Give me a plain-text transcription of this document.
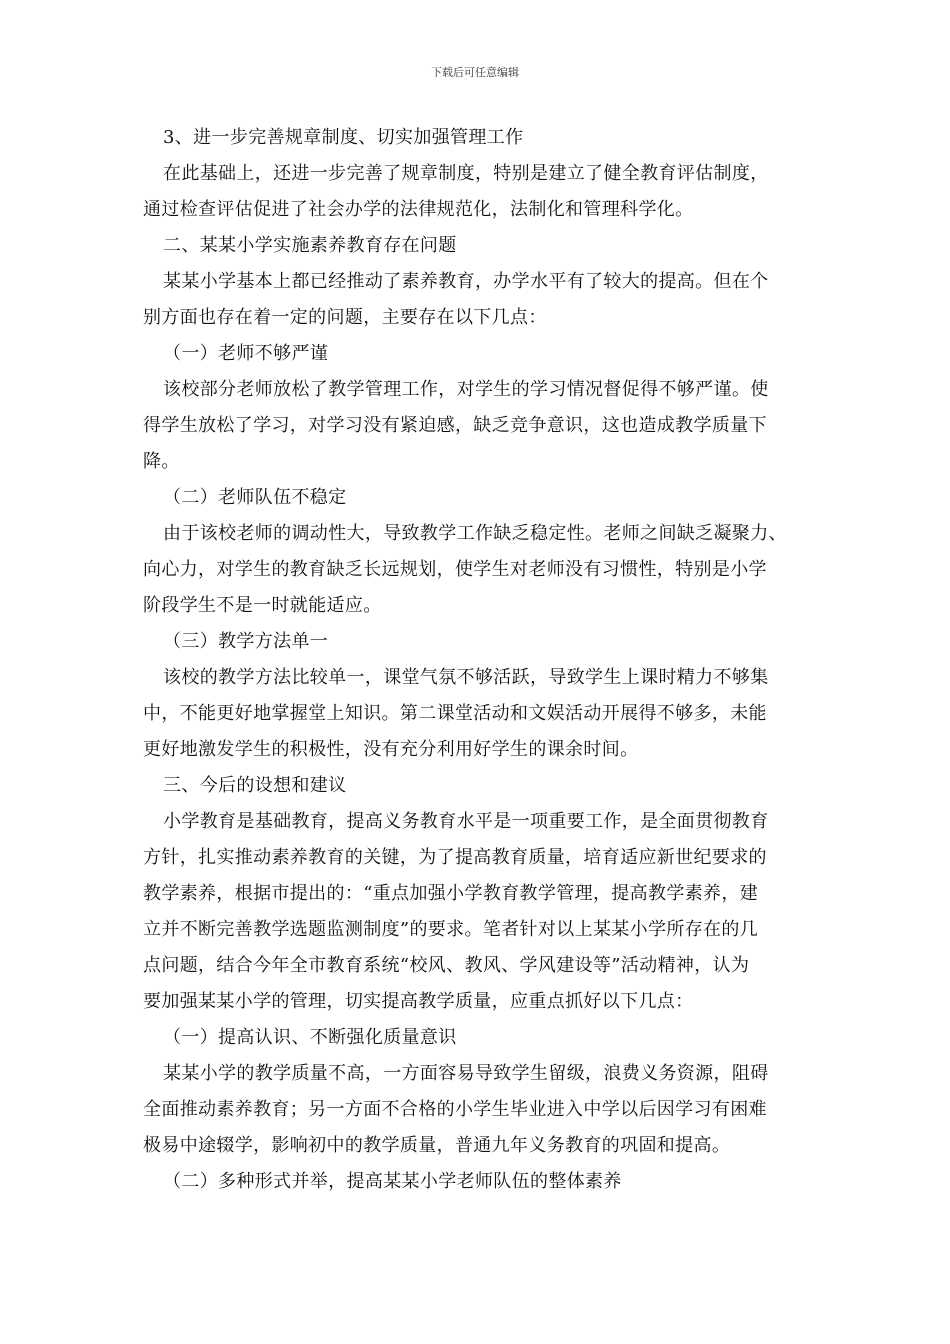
下载后可任意编辑
3、进一步完善规章制度、切实加强管理工作
在此基础上，还进一步完善了规章制度，特别是建立了健全教育评估制度，
通过检查评估促进了社会办学的法律规范化，法制化和管理科学化。
二、某某小学实施素养教育存在问题
某某小学基本上都已经推动了素养教育，办学水平有了较大的提高。但在个
别方面也存在着一定的问题，主要存在以下几点：
（一）老师不够严谨
该校部分老师放松了教学管理工作，对学生的学习情况督促得不够严谨。使
得学生放松了学习，对学习没有紧迫感，缺乏竞争意识，这也造成教学质量下
降。
（二）老师队伍不稳定
由于该校老师的调动性大，导致教学工作缺乏稳定性。老师之间缺乏凝聚力、
向心力，对学生的教育缺乏长远规划，使学生对老师没有习惯性，特别是小学
阶段学生不是一时就能适应。
（三）教学方法单一
该校的教学方法比较单一，课堂气氛不够活跃，导致学生上课时精力不够集
中，不能更好地掌握堂上知识。第二课堂活动和文娱活动开展得不够多，未能
更好地激发学生的积极性，没有充分利用好学生的课余时间。
三、今后的设想和建议
小学教育是基础教育，提高义务教育水平是一项重要工作，是全面贯彻教育
方针，扎实推动素养教育的关键，为了提高教育质量，培育适应新世纪要求的
教学素养，根据市提出的：“重点加强小学教育教学管理，提高教学素养，建
立并不断完善教学选题监测制度”的要求。笔者针对以上某某小学所存在的几
点问题，结合今年全市教育系统“校风、教风、学风建设等”活动精神，认为
要加强某某小学的管理，切实提高教学质量，应重点抓好以下几点：
（一）提高认识、不断强化质量意识
某某小学的教学质量不高，一方面容易导致学生留级，浪费义务资源，阻碍
全面推动素养教育；另一方面不合格的小学生毕业进入中学以后因学习有困难
极易中途辍学，影响初中的教学质量，普通九年义务教育的巩固和提高。
（二）多种形式并举，提高某某小学老师队伍的整体素养
